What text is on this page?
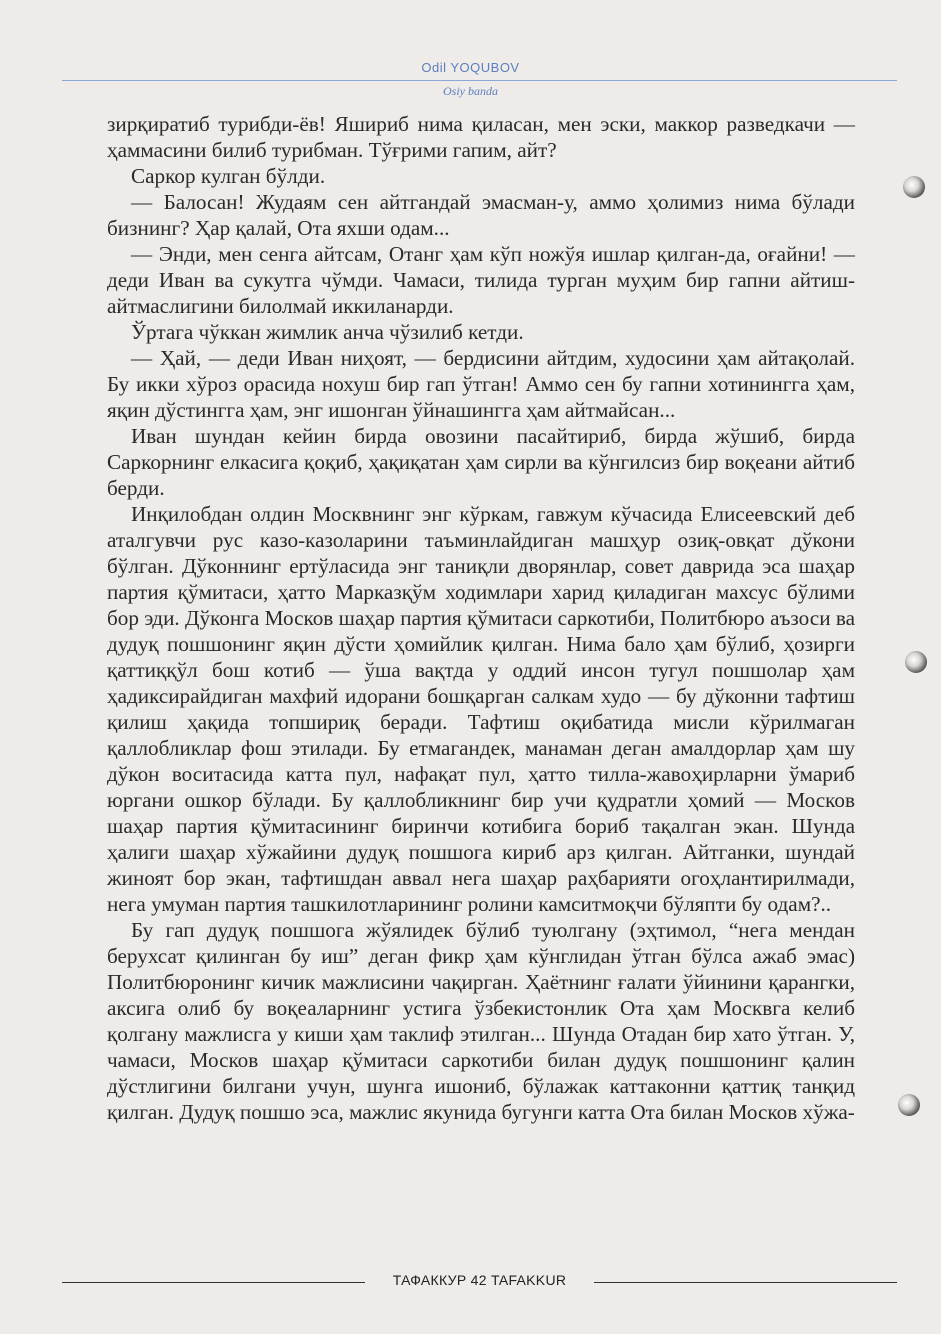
Odil YOQUBOV
Osiy banda

зирқиратиб турибди-ёв! Яшириб нима қиласан, мен эски, маккор разведкачи — ҳаммасини билиб турибман. Тўғрими гапим, айт?

Саркор кулган бўлди.

— Балосан! Жудаям сен айтгандай эмасман-у, аммо ҳолимиз нима бўлади бизнинг? Ҳар қалай, Ота яхши одам...

— Энди, мен сенга айтсам, Отанг ҳам кўп ножўя ишлар қилган-да, оғайни! — деди Иван ва сукутга чўмди. Чамаси, тилида турган муҳим бир гапни айтиш-айтмаслигини билолмай иккиланарди.

Ўртага чўккан жимлик анча чўзилиб кетди.

— Ҳай, — деди Иван ниҳоят, — бердисини айтдим, худосини ҳам айтақолай. Бу икки хўроз орасида нохуш бир гап ўтган! Аммо сен бу гапни хотинингга ҳам, яқин дўстингга ҳам, энг ишонган ўйнашингга ҳам айтмайсан...

Иван шундан кейин бирда овозини пасайтириб, бирда жўшиб, бирда Саркорнинг елкасига қоқиб, ҳақиқатан ҳам сирли ва кўнгилсиз бир воқеани айтиб берди.

Инқилобдан олдин Москвнинг энг кўркам, гавжум кўчасида Елисеевский деб аталгувчи рус казо-казоларини таъминлайдиган машҳур озиқ-овқат дўкони бўлган. Дўконнинг ертўласида энг таниқли дворянлар, совет даврида эса шаҳар партия қўмитаси, ҳатто Марказқўм ходимлари харид қиладиган махсус бўлими бор эди. Дўконга Москов шаҳар партия қўмитаси саркотиби, Политбюро аъзоси ва дудуқ пошшонинг яқин дўсти ҳомийлик қилган. Нима бало ҳам бўлиб, ҳозирги қаттиққўл бош котиб — ўша вақтда у оддий инсон тугул пошшолар ҳам ҳадиксирайдиган махфий идорани бошқарган салкам худо — бу дўконни тафтиш қилиш ҳақида топшириқ беради. Тафтиш оқибатида мисли кўрилмаган қаллобликлар фош этилади. Бу етмагандек, манаман деган амалдорлар ҳам шу дўкон воситасида катта пул, нафақат пул, ҳатто тилла-жавоҳирларни ўмариб юргани ошкор бўлади. Бу қаллобликнинг бир учи қудратли ҳомий — Москов шаҳар партия қўмитасининг биринчи котибига бориб тақалган экан. Шунда ҳалиги шаҳар хўжайини дудуқ пошшога кириб арз қилган. Айтганки, шундай жиноят бор экан, тафтишдан аввал нега шаҳар раҳбарияти огоҳлантирилмади, нега умуман партия ташкилотларининг ролини камситмоқчи бўляпти бу одам?..

Бу гап дудуқ пошшога жўялидек бўлиб туюлгану (эҳтимол, “нега мендан берухсат қилинган бу иш” деган фикр ҳам кўнглидан ўтган бўлса ажаб эмас) Политбюронинг кичик мажлисини чақирган. Ҳаётнинг ғалати ўйинини қарангки, аксига олиб бу воқеаларнинг устига ўзбекистонлик Ота ҳам Москвга келиб қолгану мажлисга у киши ҳам таклиф этилган... Шунда Отадан бир хато ўтган. У, чамаси, Москов шаҳар қўмитаси саркотиби билан дудуқ пошшонинг қалин дўстлигини билгани учун, шунга ишониб, бўлажак каттаконни қаттиқ танқид қилган. Дудуқ пошшо эса, мажлис якунида бугунги катта Ота билан Москов хўжа-

ТАФАККУР 42 TAFAKKUR
